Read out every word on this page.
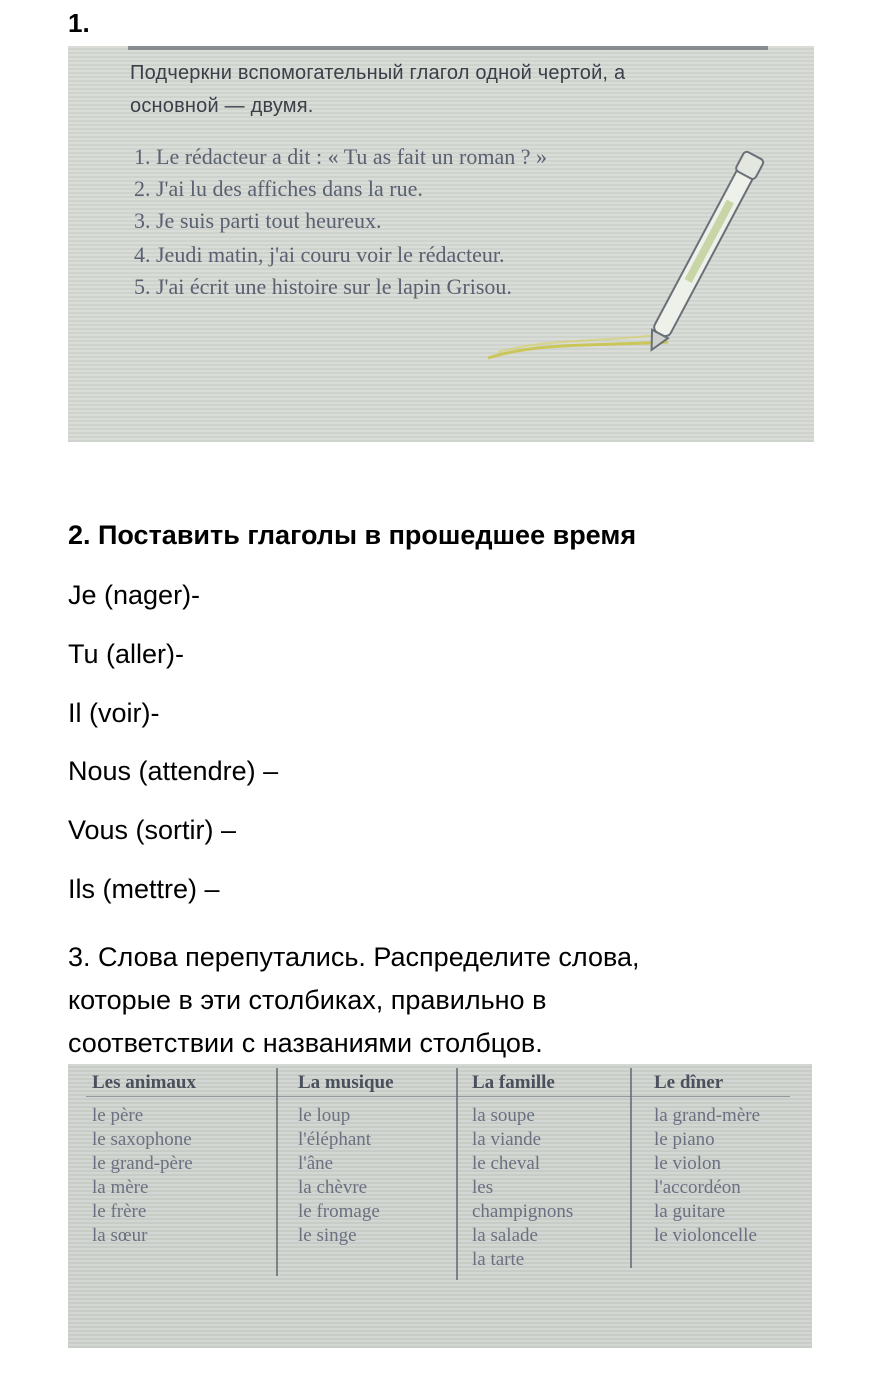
1.
Подчеркни вспомогательный глагол одной чертой, а
основной — двумя.
1. Le rédacteur a dit : « Tu as fait un roman ? »
2. J'ai lu des affiches dans la rue.
3. Je suis parti tout heureux.
4. Jeudi matin, j'ai couru voir le rédacteur.
5. J'ai écrit une histoire sur le lapin Grisou.
2. Поставить глаголы в прошедшее время
Je (nager)-
Tu (aller)-
Il (voir)-
Nous (attendre) –
Vous (sortir) –
Ils (mettre) –
3. Слова перепутались. Распределите слова,
которые в эти столбиках, правильно в
соответствии с названиями столбцов.
Les animaux
le père
le saxophone
le grand-père
la mère
le frère
la sœur
La musique
le loup
l'éléphant
l'âne
la chèvre
le fromage
le singe
La famille
la soupe
la viande
le cheval
les
champignons
la salade
la tarte
Le dîner
la grand-mère
le piano
le violon
l'accordéon
la guitare
le violoncelle
